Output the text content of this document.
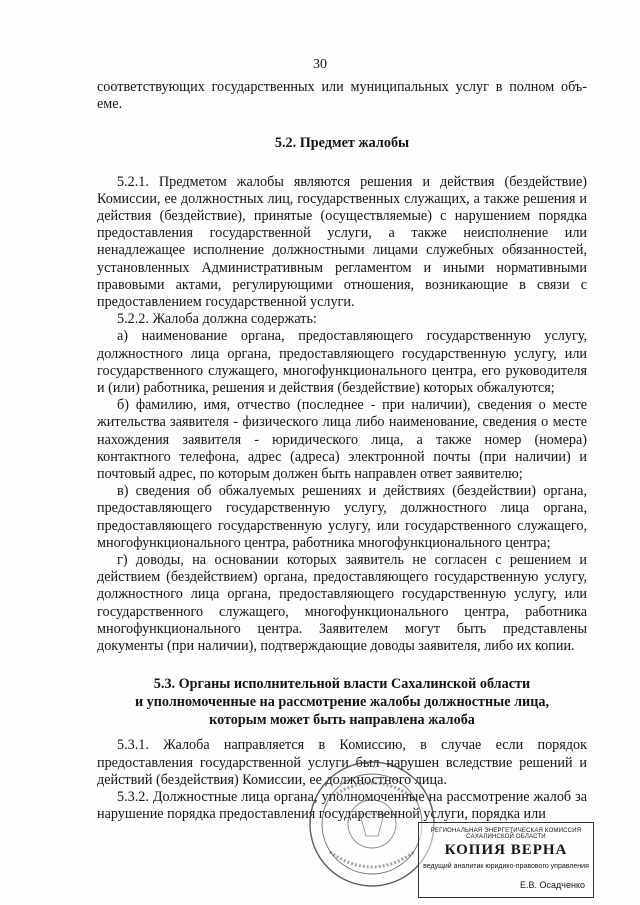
30

соответствующих государственных или муниципальных услуг в полном объ-еме.

5.2. Предмет жалобы

5.2.1. Предметом жалобы являются решения и действия (бездействие) Комиссии, ее должностных лиц, государственных служащих, а также решения и действия (бездействие), принятые (осуществляемые) с нарушением порядка предоставления государственной услуги, а также неисполнение или ненадлежащее исполнение должностными лицами служебных обязанностей, установленных Административным регламентом и иными нормативными правовыми актами, регулирующими отношения, возникающие в связи с предоставлением государственной услуги.

5.2.2. Жалоба должна содержать:

а) наименование органа, предоставляющего государственную услугу, должностного лица органа, предоставляющего государственную услугу, или государственного служащего, многофункционального центра, его руководителя и (или) работника, решения и действия (бездействие) которых обжалуются;

б) фамилию, имя, отчество (последнее - при наличии), сведения о месте жительства заявителя - физического лица либо наименование, сведения о месте нахождения заявителя - юридического лица, а также номер (номера) контактного телефона, адрес (адреса) электронной почты (при наличии) и почтовый адрес, по которым должен быть направлен ответ заявителю;

в) сведения об обжалуемых решениях и действиях (бездействии) органа, предоставляющего государственную услугу, должностного лица органа, предоставляющего государственную услугу, или государственного служащего, многофункционального центра, работника многофункционального центра;

г) доводы, на основании которых заявитель не согласен с решением и действием (бездействием) органа, предоставляющего государственную услугу, должностного лица органа, предоставляющего государственную услугу, или государственного служащего, многофункционального центра, работника многофункционального центра. Заявителем могут быть представлены документы (при наличии), подтверждающие доводы заявителя, либо их копии.

5.3. Органы исполнительной власти Сахалинской области
и уполномоченные на рассмотрение жалобы должностные лица,
которым может быть направлена жалоба

5.3.1. Жалоба направляется в Комиссию, в случае если порядок предоставления государственной услуги был нарушен вследствие решений и действий (бездействия) Комиссии, ее должностного лица.

5.3.2. Должностные лица органа, уполномоченные на рассмотрение жалоб за нарушение порядка предоставления государственной услуги, порядка или

РЕГИОНАЛЬНАЯ ЭНЕРГЕТИЧЕСКАЯ КОМИССИЯ САХАЛИНСКОЙ ОБЛАСТИ
КОПИЯ ВЕРНА
ведущий аналитик юридико-правового управления
Е.В. Осадченко
